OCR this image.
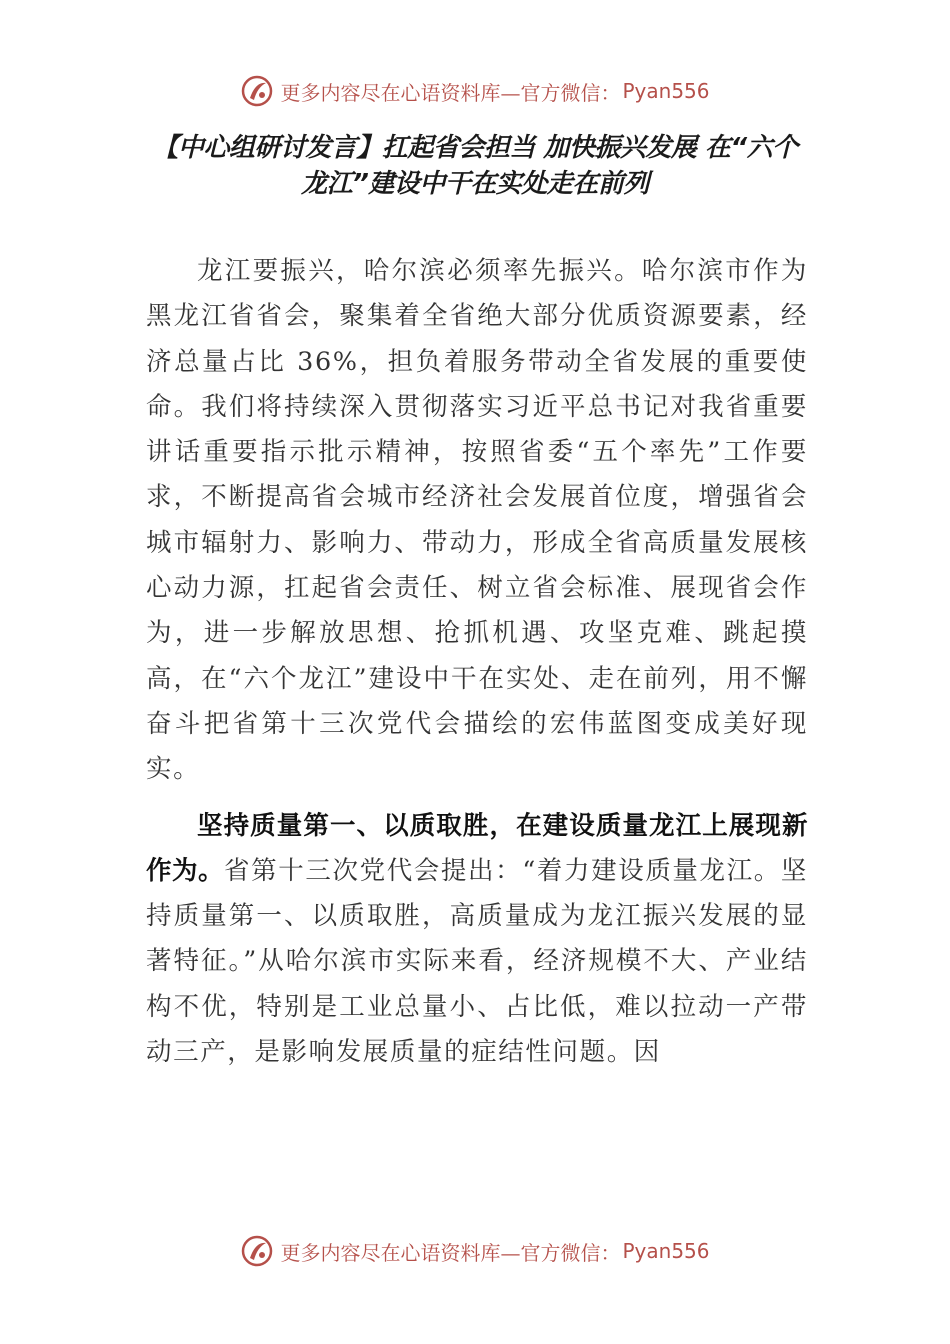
更多内容尽在心语资料库—官方微信： Pyan556
【中心组研讨发言】扛起省会担当 加快振兴发展 在“六个龙江”建设中干在实处走在前列

龙江要振兴，哈尔滨必须率先振兴。哈尔滨市作为黑龙江省省会，聚集着全省绝大部分优质资源要素，经济总量占比 36%，担负着服务带动全省发展的重要使命。我们将持续深入贯彻落实习近平总书记对我省重要讲话重要指示批示精神，按照省委“五个率先”工作要求，不断提高省会城市经济社会发展首位度，增强省会城市辐射力、影响力、带动力，形成全省高质量发展核心动力源，扛起省会责任、树立省会标准、展现省会作为，进一步解放思想、抢抓机遇、攻坚克难、跳起摸高，在“六个龙江”建设中干在实处、走在前列，用不懈奋斗把省第十三次党代会描绘的宏伟蓝图变成美好现实。

坚持质量第一、以质取胜，在建设质量龙江上展现新作为。省第十三次党代会提出：“着力建设质量龙江。坚持质量第一、以质取胜，高质量成为龙江振兴发展的显著特征。”从哈尔滨市实际来看，经济规模不大、产业结构不优，特别是工业总量小、占比低，难以拉动一产带动三产，是影响发展质量的症结性问题。因

更多内容尽在心语资料库—官方微信： Pyan556
